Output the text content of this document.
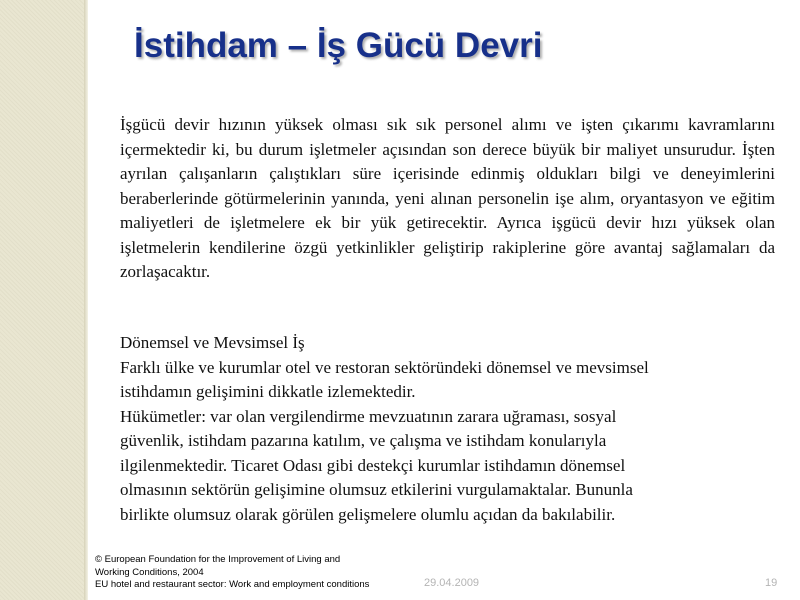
İstihdam – İş Gücü Devri

İşgücü devir hızının yüksek olması sık sık personel alımı ve işten çıkarımı kavramlarını içermektedir ki, bu durum işletmeler açısından son derece büyük bir maliyet unsurudur. İşten ayrılan çalışanların çalıştıkları süre içerisinde edinmiş oldukları bilgi ve deneyimlerini beraberlerinde götürmelerinin yanında, yeni alınan personelin işe alım, oryantasyon ve eğitim maliyetleri de işletmelere ek bir yük getirecektir. Ayrıca işgücü devir hızı yüksek olan işletmelerin kendilerine özgü yetkinlikler geliştirip rakiplerine göre avantaj sağlamaları da zorlaşacaktır.

Dönemsel ve Mevsimsel İş
Farklı ülke ve kurumlar otel ve restoran sektöründeki dönemsel ve mevsimsel
istihdamın gelişimini dikkatle izlemektedir.
Hükümetler: var olan vergilendirme mevzuatının zarara uğraması, sosyal
güvenlik, istihdam pazarına katılım, ve çalışma ve istihdam konularıyla
ilgilenmektedir. Ticaret Odası gibi destekçi kurumlar istihdamın dönemsel
olmasının sektörün gelişimine olumsuz etkilerini vurgulamaktalar. Bununla
birlikte olumsuz olarak görülen gelişmelere olumlu açıdan da bakılabilir.
© European Foundation for the Improvement of Living and
Working Conditions, 2004
EU hotel and restaurant sector: Work and employment conditions	29.04.2009	19
